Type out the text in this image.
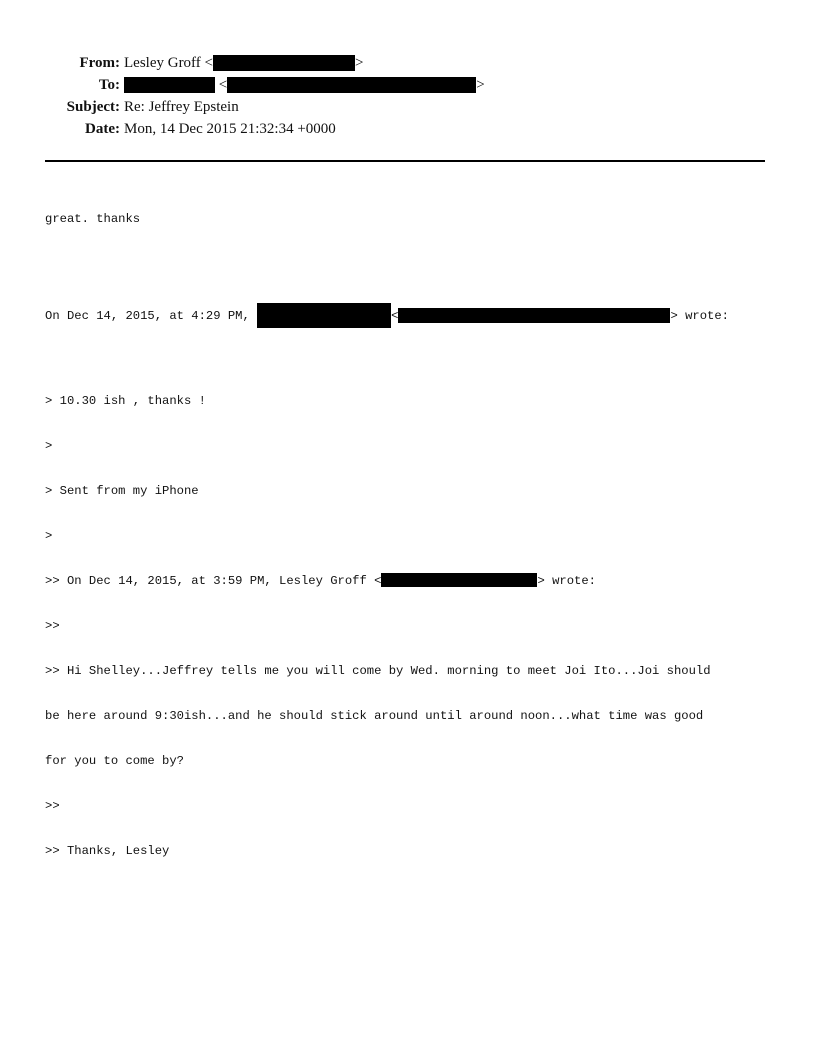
From: Lesley Groff <	>
To:	<	>
Subject: Re: Jeffrey Epstein
Date: Mon, 14 Dec 2015 21:32:34 +0000

great. thanks

On Dec 14, 2015, at 4:29 PM,	<	> wrote:

> 10.30 ish , thanks !

>

> Sent from my iPhone

>

>> On Dec 14, 2015, at 3:59 PM, Lesley Groff <	> wrote:

>>

>> Hi Shelley...Jeffrey tells me you will come by Wed. morning to meet Joi Ito...Joi should

be here around 9:30ish...and he should stick around until around noon...what time was good

for you to come by?

>>

>> Thanks, Lesley
